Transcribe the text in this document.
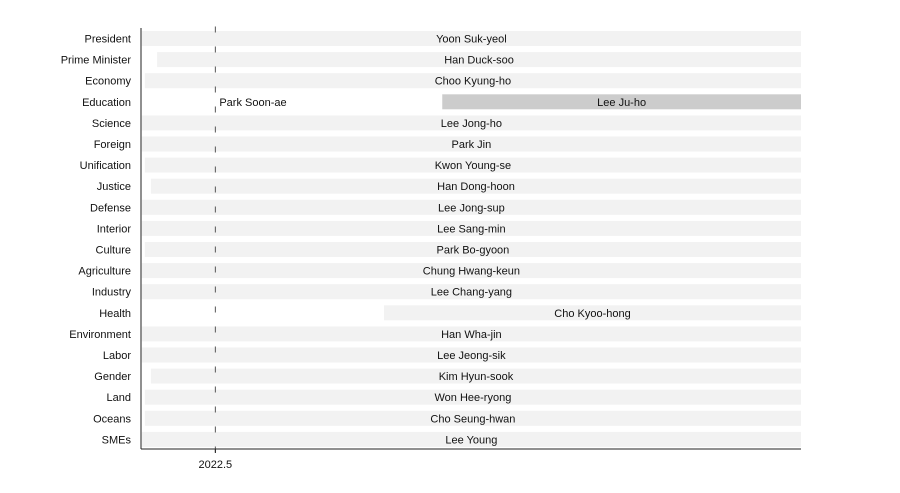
President	Yoon Suk-yeol
Prime Minister	Han Duck-soo
Economy	Choo Kyung-ho
Education	Park Soon-ae	Lee Ju-ho
Science	Lee Jong-ho
Foreign	Park Jin
Unification	Kwon Young-se
Justice	Han Dong-hoon
Defense	Lee Jong-sup
Interior	Lee Sang-min
Culture	Park Bo-gyoon
Agriculture	Chung Hwang-keun
Industry	Lee Chang-yang
Health	Cho Kyoo-hong
Environment	Han Wha-jin
Labor	Lee Jeong-sik
Gender	Kim Hyun-sook
Land	Won Hee-ryong
Oceans	Cho Seung-hwan
SMEs	Lee Young
2022.5
